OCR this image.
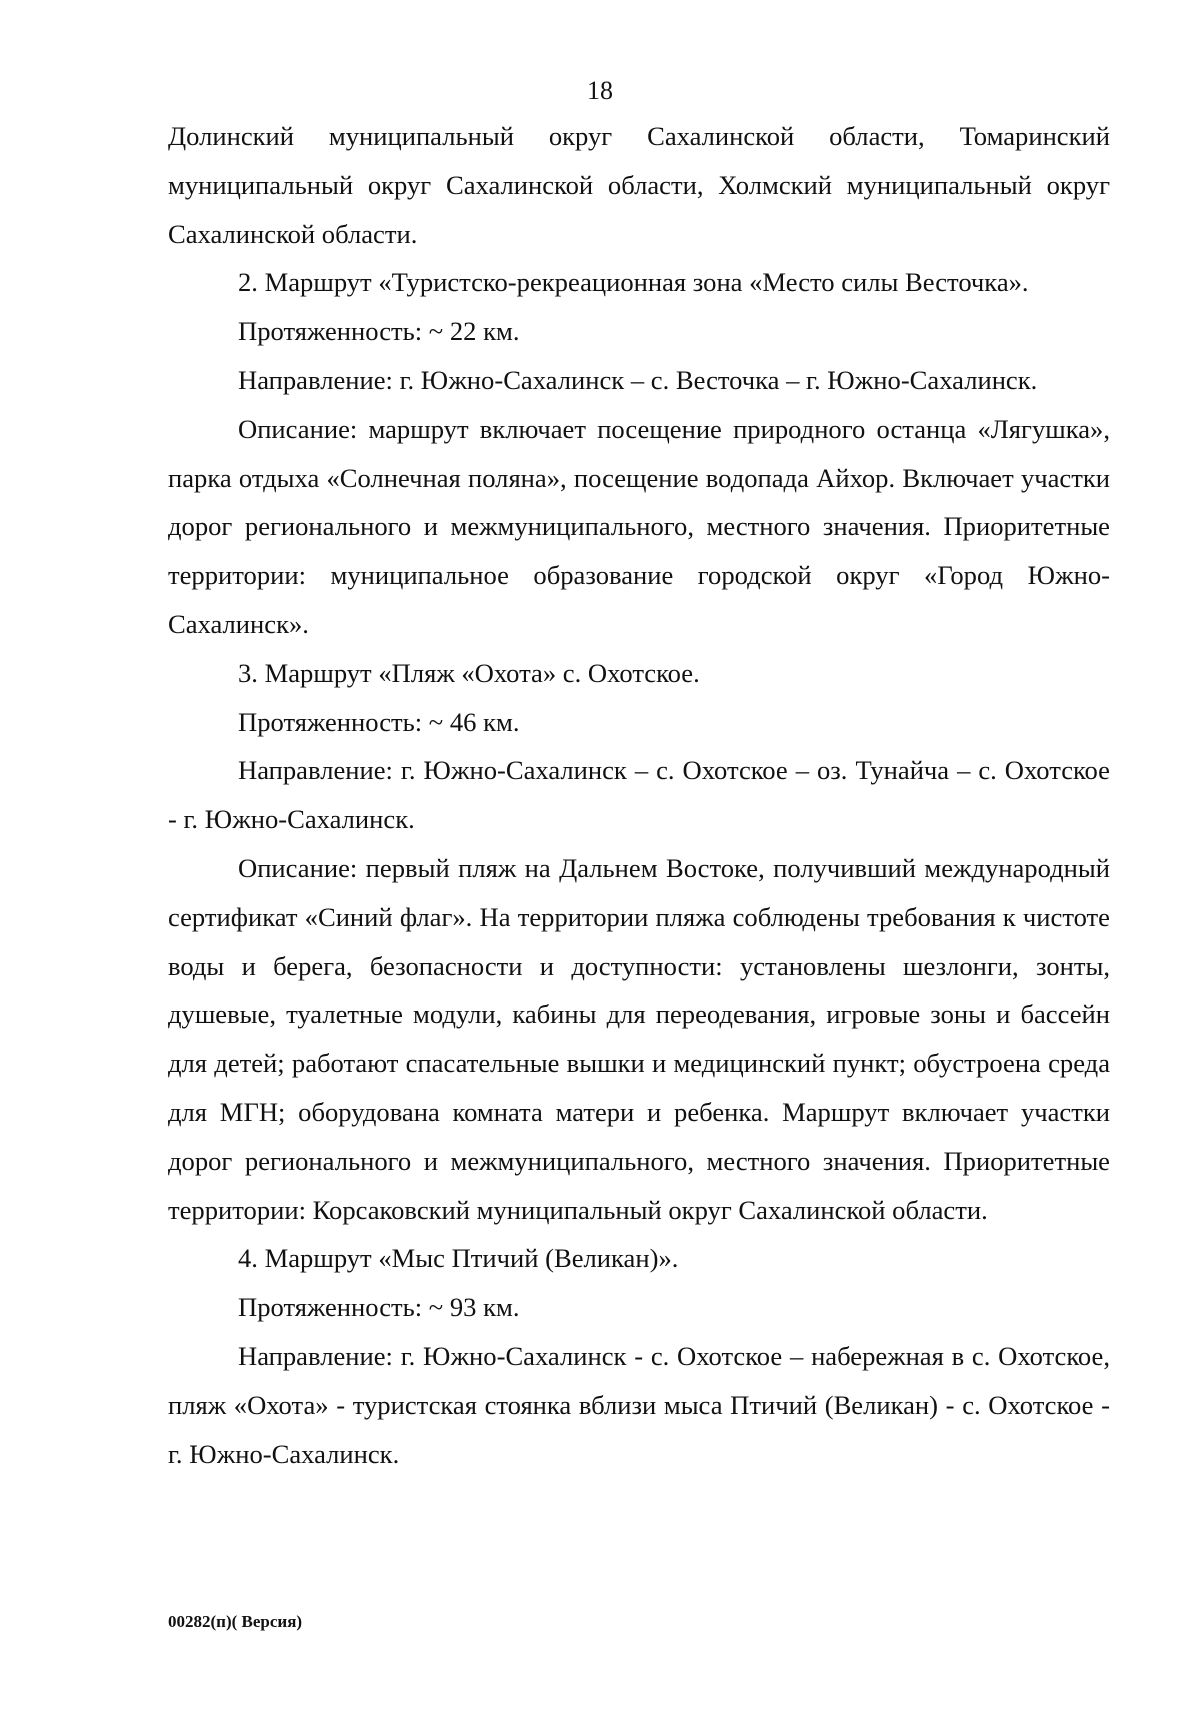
18

Долинский муниципальный округ Сахалинской области, Томаринский муниципальный округ Сахалинской области, Холмский муниципальный округ Сахалинской области.

2. Маршрут «Туристско-рекреационная зона «Место силы Весточка».

Протяженность: ~ 22 км.

Направление: г. Южно-Сахалинск – с. Весточка – г. Южно-Сахалинск.

Описание: маршрут включает посещение природного останца «Лягушка», парка отдыха «Солнечная поляна», посещение водопада Айхор. Включает участки дорог регионального и межмуниципального, местного значения. Приоритетные территории: муниципальное образование городской округ «Город Южно-Сахалинск».

3. Маршрут «Пляж «Охота» с. Охотское.

Протяженность: ~ 46 км.

Направление: г. Южно-Сахалинск – с. Охотское – оз. Тунайча – с. Охотское - г. Южно-Сахалинск.

Описание: первый пляж на Дальнем Востоке, получивший международный сертификат «Синий флаг». На территории пляжа соблюдены требования к чистоте воды и берега, безопасности и доступности: установлены шезлонги, зонты, душевые, туалетные модули, кабины для переодевания, игровые зоны и бассейн для детей; работают спасательные вышки и медицинский пункт; обустроена среда для МГН; оборудована комната матери и ребенка. Маршрут включает участки дорог регионального и межмуниципального, местного значения. Приоритетные территории: Корсаковский муниципальный округ Сахалинской области.

4. Маршрут «Мыс Птичий (Великан)».

Протяженность: ~ 93 км.

Направление: г. Южно-Сахалинск - с. Охотское – набережная в с. Охотское, пляж «Охота» - туристская стоянка вблизи мыса Птичий (Великан) - с. Охотское - г. Южно-Сахалинск.

00282(п)( Версия)
